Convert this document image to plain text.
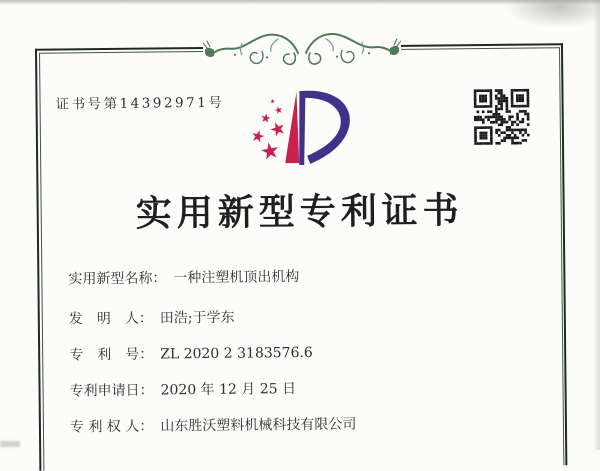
证书号第14392971号
实用新型专利证书
实用新型名称： 一种注塑机顶出机构
发　明　人： 田浩;于学东
专　利　号： ZL 2020 2 3183576.6
专利申请日： 2020 年 12 月 25 日
专 利 权 人： 山东胜沃塑料机械科技有限公司
